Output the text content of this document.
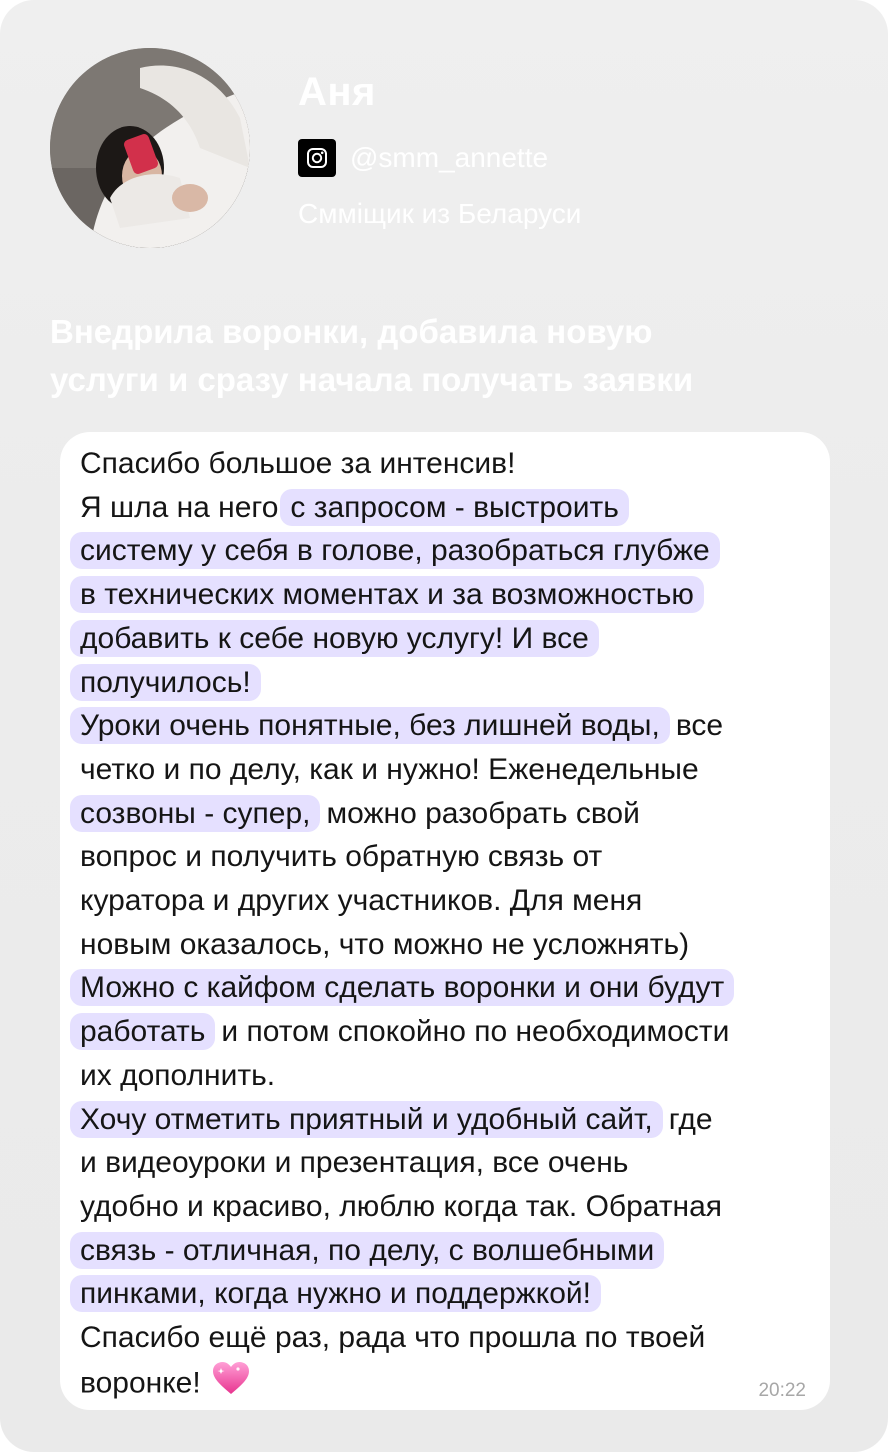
Аня
@smm_annette
Смміщик из Беларуси
Внедрила воронки, добавила новую
услуги и сразу начала получать заявки
Спасибо большое за интенсив!
Я шла на него с запросом - выстроить
систему у себя в голове, разобраться глубже
в технических моментах и за возможностью
добавить к себе новую услугу! И все
получилось!
Уроки очень понятные, без лишней воды, все
четко и по делу, как и нужно! Еженедельные
созвоны - супер, можно разобрать свой
вопрос и получить обратную связь от
куратора и других участников. Для меня
новым оказалось, что можно не усложнять)
Можно с кайфом сделать воронки и они будут
работать и потом спокойно по необходимости
их дополнить.
Хочу отметить приятный и удобный сайт, где
и видеоуроки и презентация, все очень
удобно и красиво, люблю когда так. Обратная
связь - отличная, по делу, с волшебными
пинками, когда нужно и поддержкой!
Спасибо ещё раз, рада что прошла по твоей
воронке!	20:22
